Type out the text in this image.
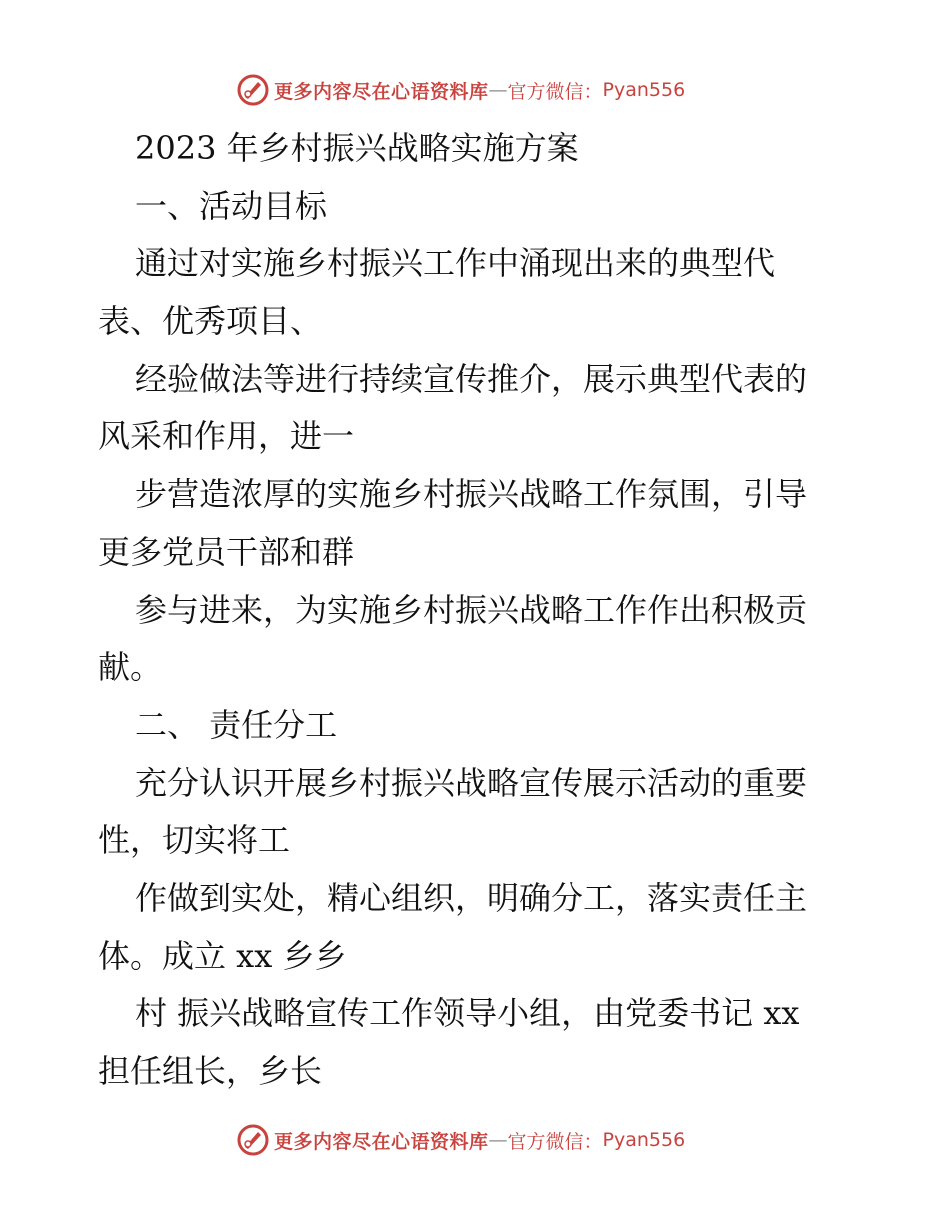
更多内容尽在心语资料库 — 官方微信： Pyan556
2023 年乡村振兴战略实施方案
一、活动目标
通过对实施乡村振兴工作中涌现出来的典型代
表、优秀项目、
经验做法等进行持续宣传推介，展示典型代表的
风采和作用，进一
步营造浓厚的实施乡村振兴战略工作氛围，引导
更多党员干部和群
参与进来，为实施乡村振兴战略工作作出积极贡
献。
二、 责任分工
充分认识开展乡村振兴战略宣传展示活动的重要
性，切实将工
作做到实处，精心组织，明确分工，落实责任主
体。成立 xx 乡乡
村 振兴战略宣传工作领导小组，由党委书记 xx
担任组长，乡长
更多内容尽在心语资料库 — 官方微信： Pyan556
